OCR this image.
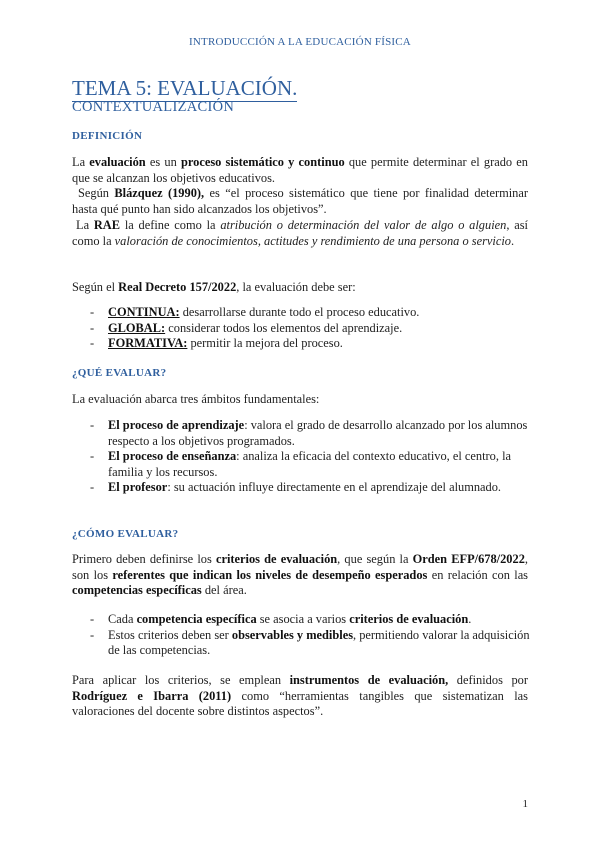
INTRODUCCIÓN A LA EDUCACIÓN FÍSICA
TEMA 5: EVALUACIÓN.
CONTEXTUALIZACIÓN
DEFINICIÓN
La evaluación es un proceso sistemático y continuo que permite determinar el grado en que se alcanzan los objetivos educativos.
Según Blázquez (1990), es “el proceso sistemático que tiene por finalidad determinar hasta qué punto han sido alcanzados los objetivos”.
La RAE la define como la atribución o determinación del valor de algo o alguien, así como la valoración de conocimientos, actitudes y rendimiento de una persona o servicio.
Según el Real Decreto 157/2022, la evaluación debe ser:
- CONTINUA: desarrollarse durante todo el proceso educativo.
- GLOBAL: considerar todos los elementos del aprendizaje.
- FORMATIVA: permitir la mejora del proceso.
¿QUÉ EVALUAR?
La evaluación abarca tres ámbitos fundamentales:
- El proceso de aprendizaje: valora el grado de desarrollo alcanzado por los alumnos respecto a los objetivos programados.
- El proceso de enseñanza: analiza la eficacia del contexto educativo, el centro, la familia y los recursos.
- El profesor: su actuación influye directamente en el aprendizaje del alumnado.
¿CÓMO EVALUAR?
Primero deben definirse los criterios de evaluación, que según la Orden EFP/678/2022, son los referentes que indican los niveles de desempeño esperados en relación con las competencias específicas del área.
- Cada competencia específica se asocia a varios criterios de evaluación.
- Estos criterios deben ser observables y medibles, permitiendo valorar la adquisición de las competencias.
Para aplicar los criterios, se emplean instrumentos de evaluación, definidos por Rodríguez e Ibarra (2011) como “herramientas tangibles que sistematizan las valoraciones del docente sobre distintos aspectos”.
1
